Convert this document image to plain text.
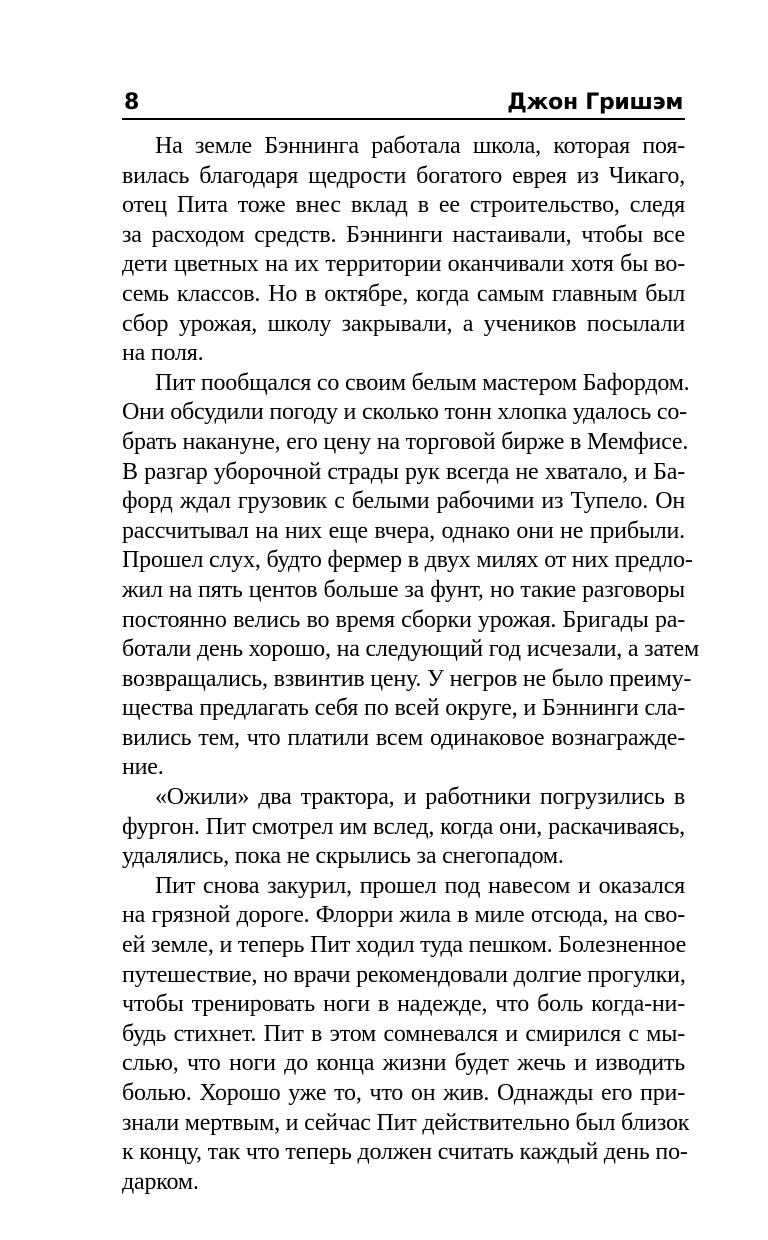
8	Джон Гришэм
На земле Бэннинга работала школа, которая поя-
вилась благодаря щедрости богатого еврея из Чикаго,
отец Пита тоже внес вклад в ее строительство, следя
за расходом средств. Бэннинги настаивали, чтобы все
дети цветных на их территории оканчивали хотя бы во-
семь классов. Но в октябре, когда самым главным был
сбор урожая, школу закрывали, а учеников посылали
на поля.
Пит пообщался со своим белым мастером Бафордом.
Они обсудили погоду и сколько тонн хлопка удалось со-
брать накануне, его цену на торговой бирже в Мемфисе.
В разгар уборочной страды рук всегда не хватало, и Ба-
форд ждал грузовик с белыми рабочими из Тупело. Он
рассчитывал на них еще вчера, однако они не прибыли.
Прошел слух, будто фермер в двух милях от них предло-
жил на пять центов больше за фунт, но такие разговоры
постоянно велись во время сборки урожая. Бригады ра-
ботали день хорошо, на следующий год исчезали, а затем
возвращались, взвинтив цену. У негров не было преиму-
щества предлагать себя по всей округе, и Бэннинги сла-
вились тем, что платили всем одинаковое вознагражде-
ние.
«Ожили» два трактора, и работники погрузились в
фургон. Пит смотрел им вслед, когда они, раскачиваясь,
удалялись, пока не скрылись за снегопадом.
Пит снова закурил, прошел под навесом и оказался
на грязной дороге. Флорри жила в миле отсюда, на сво-
ей земле, и теперь Пит ходил туда пешком. Болезненное
путешествие, но врачи рекомендовали долгие прогулки,
чтобы тренировать ноги в надежде, что боль когда-ни-
будь стихнет. Пит в этом сомневался и смирился с мы-
слью, что ноги до конца жизни будет жечь и изводить
болью. Хорошо уже то, что он жив. Однажды его при-
знали мертвым, и сейчас Пит действительно был близок
к концу, так что теперь должен считать каждый день по-
дарком.
